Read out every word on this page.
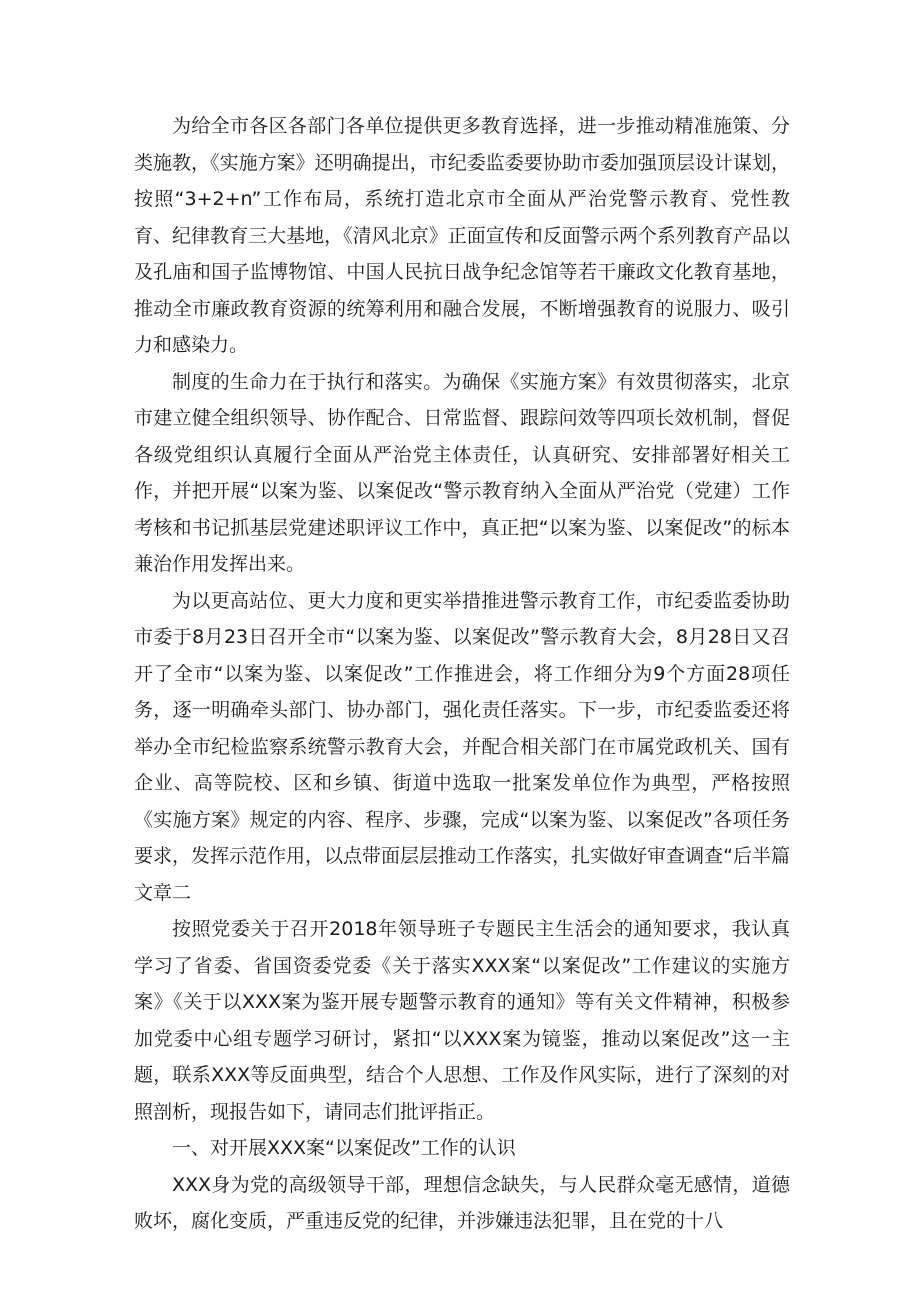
为给全市各区各部门各单位提供更多教育选择，进一步推动精准施策、分类施教，《实施方案》还明确提出，市纪委监委要协助市委加强顶层设计谋划，按照“3+2+n”工作布局，系统打造北京市全面从严治党警示教育、党性教育、纪律教育三大基地，《清风北京》正面宣传和反面警示两个系列教育产品以及孔庙和国子监博物馆、中国人民抗日战争纪念馆等若干廉政文化教育基地，推动全市廉政教育资源的统筹利用和融合发展，不断增强教育的说服力、吸引力和感染力。

制度的生命力在于执行和落实。为确保《实施方案》有效贯彻落实，北京市建立健全组织领导、协作配合、日常监督、跟踪问效等四项长效机制，督促各级党组织认真履行全面从严治党主体责任，认真研究、安排部署好相关工作，并把开展“以案为鉴、以案促改“警示教育纳入全面从严治党（党建）工作考核和书记抓基层党建述职评议工作中，真正把“以案为鉴、以案促改”的标本兼治作用发挥出来。

为以更高站位、更大力度和更实举措推进警示教育工作，市纪委监委协助市委于8月23日召开全市“以案为鉴、以案促改”警示教育大会，8月28日又召开了全市“以案为鉴、以案促改”工作推进会，将工作细分为9个方面28项任务，逐一明确牵头部门、协办部门，强化责任落实。下一步，市纪委监委还将举办全市纪检监察系统警示教育大会，并配合相关部门在市属党政机关、国有企业、高等院校、区和乡镇、街道中选取一批案发单位作为典型，严格按照《实施方案》规定的内容、程序、步骤，完成“以案为鉴、以案促改”各项任务要求，发挥示范作用，以点带面层层推动工作落实，扎实做好审查调查“后半篇文章二

按照党委关于召开2018年领导班子专题民主生活会的通知要求，我认真学习了省委、省国资委党委《关于落实XXX案“以案促改”工作建议的实施方案》《关于以XXX案为鉴开展专题警示教育的通知》等有关文件精神，积极参加党委中心组专题学习研讨，紧扣“以XXX案为镜鉴，推动以案促改”这一主题，联系XXX等反面典型，结合个人思想、工作及作风实际，进行了深刻的对照剖析，现报告如下，请同志们批评指正。

一、对开展XXX案“以案促改”工作的认识

XXX身为党的高级领导干部，理想信念缺失，与人民群众毫无感情，道德败坏，腐化变质，严重违反党的纪律，并涉嫌违法犯罪，且在党的十八
